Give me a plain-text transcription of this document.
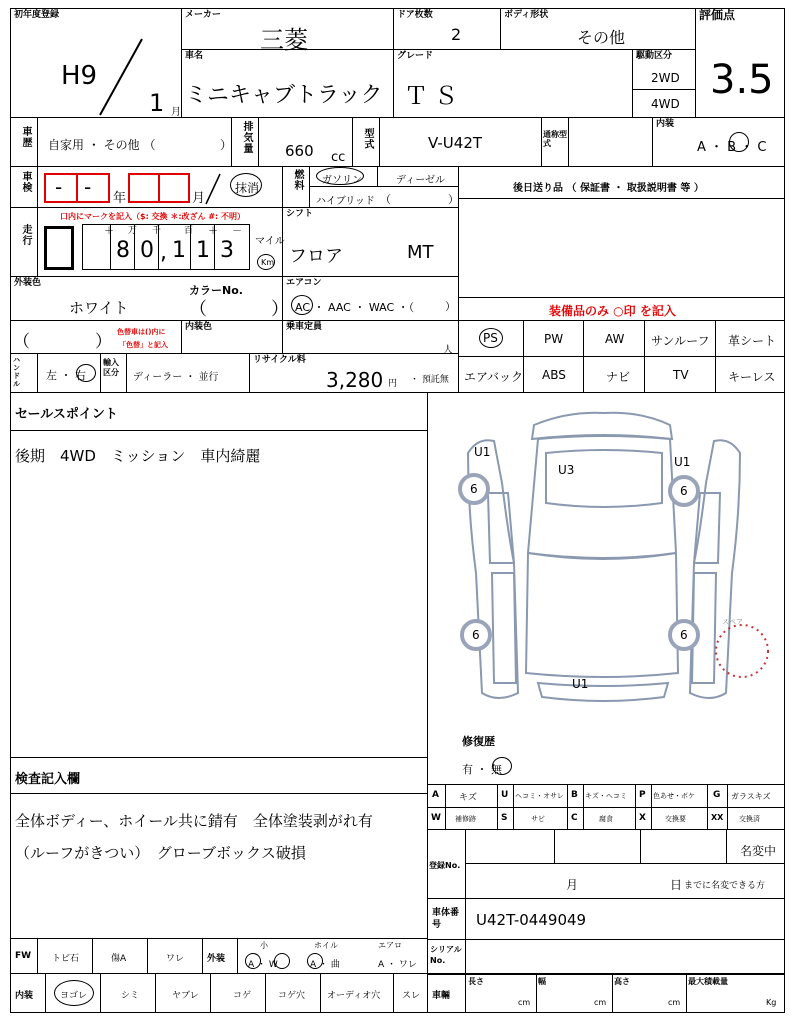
初年度登録
H9
1 月
メーカー
三菱
ドア枚数
2
ボディ形状
その他
評価点
3.5
車名
ミニキャブトラック
グレード
ＴＳ
駆動区分
2WD
4WD
車歴 自家用 ・ その他 （	） 排気量 660 cc
型式	V-U42T	通称型式
内装
A ・ B ・ C
車検 - - 年	月
抹消	燃料 ガソリン	ディーゼル
ハイブリッド （	）
後日送り品 （ 保証書 ・ 取扱説明書 等 ）
走行
口内にマークを記入（$: 交換 ＊:改ざん #: 不明）
＋ 万 千	百 ＋ －
8 0 , 1 1 3 マイル
Km
シフト
フロア	MT
外装色
ホワイト
カラーNo.
（	）
エアコン
AC ・ AAC ・ WAC ・（	）	装備品のみ ○印 を記入
（	） 色替車は()内に
「色替」と記入
内装色	乗車定員
人
PS	PW	AW サンルーフ 革シート
エアバック ABS	ナビ	TV	キーレス
ハンドル
左 ・ 右
輸入区分	ディーラー ・ 並行
リサイクル料
3,280 円 ・ 預託無
セールスポイント
後期　4WD　ミッション　車内綺麗
検査記入欄
全体ボディー、ホイール共に錆有　全体塗装剥がれ有
（ルーフがきつい）　グローブボックス破損
U1
U3
U1
U1
6	6
6	6
スペア
修復歴
有 ・ 無
A キズ	U ヘコミ・オサレ B キズ・ヘコミ P 色あせ・ボケ G ガラスキズ
W 補修跡	S	サビ	C	腐食	X	交換要	XX 交換済
登録No.
名変中
月	日 までに名変できる方
車体番号	U42T-0449049
FW トビ石	傷A	ワレ	外装
小	ホイル	エアロ
A ・ W	A ・ 曲	A ・ ワレ
シリアルNo.
内装	ヨゴレ	シミ	ヤブレ	コゲ	コゲ穴 オーディオ穴 スレ 車輛
長さ
cm
幅
cm
高さ
cm
最大積載量
Kg
